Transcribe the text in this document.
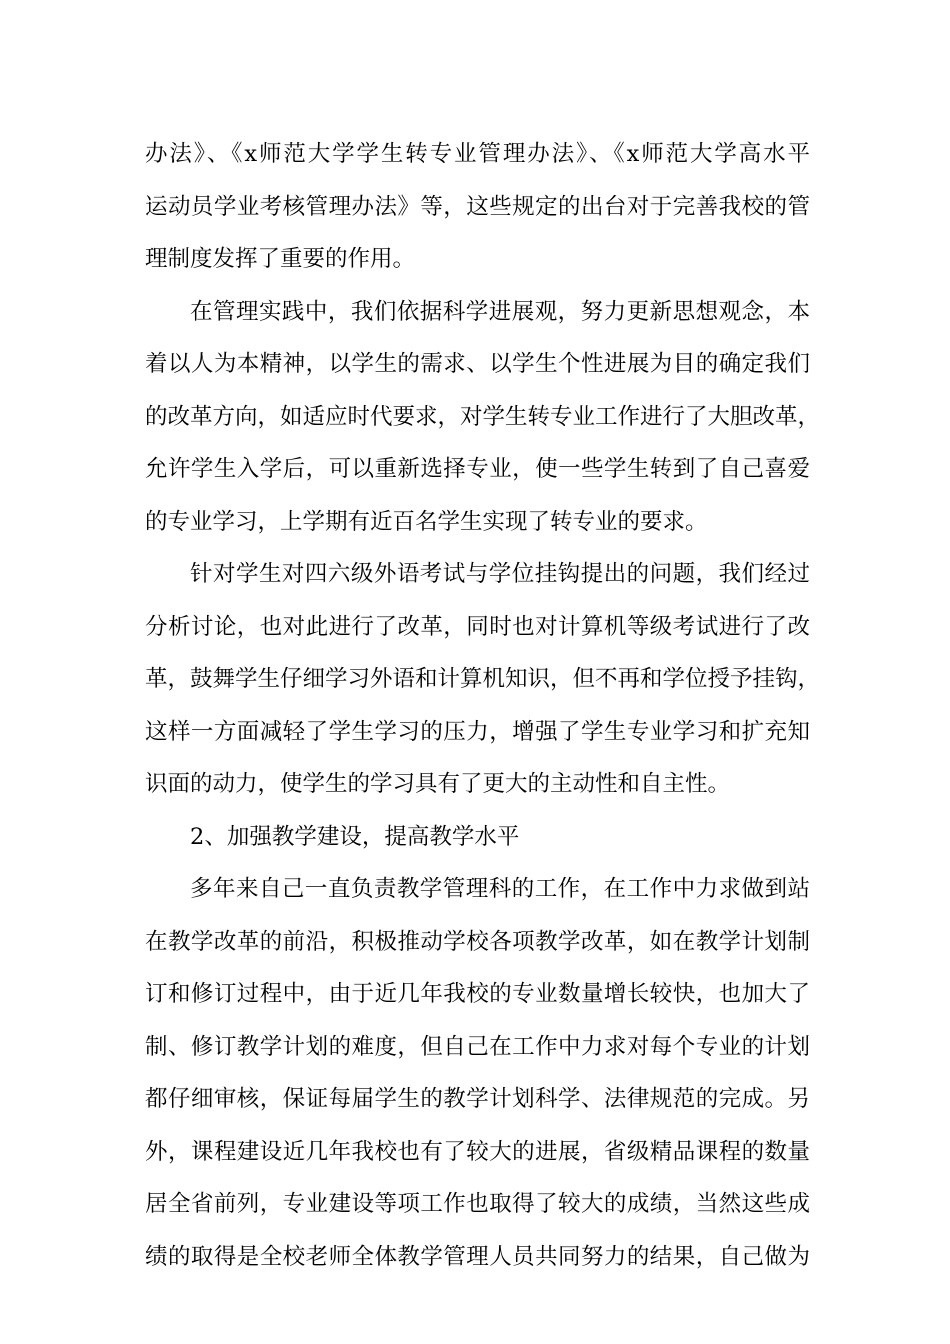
办法》、《x师范大学学生转专业管理办法》、《x师范大学高水平
运动员学业考核管理办法》等，这些规定的出台对于完善我校的管
理制度发挥了重要的作用。
在管理实践中，我们依据科学进展观，努力更新思想观念，本
着以人为本精神，以学生的需求、以学生个性进展为目的确定我们
的改革方向，如适应时代要求，对学生转专业工作进行了大胆改革，
允许学生入学后，可以重新选择专业，使一些学生转到了自己喜爱
的专业学习，上学期有近百名学生实现了转专业的要求。
针对学生对四六级外语考试与学位挂钩提出的问题，我们经过
分析讨论，也对此进行了改革，同时也对计算机等级考试进行了改
革，鼓舞学生仔细学习外语和计算机知识，但不再和学位授予挂钩，
这样一方面减轻了学生学习的压力，增强了学生专业学习和扩充知
识面的动力，使学生的学习具有了更大的主动性和自主性。
2、加强教学建设，提高教学水平
多年来自己一直负责教学管理科的工作，在工作中力求做到站
在教学改革的前沿，积极推动学校各项教学改革，如在教学计划制
订和修订过程中，由于近几年我校的专业数量增长较快，也加大了
制、修订教学计划的难度，但自己在工作中力求对每个专业的计划
都仔细审核，保证每届学生的教学计划科学、法律规范的完成。另
外，课程建设近几年我校也有了较大的进展，省级精品课程的数量
居全省前列，专业建设等项工作也取得了较大的成绩，当然这些成
绩的取得是全校老师全体教学管理人员共同努力的结果，自己做为
